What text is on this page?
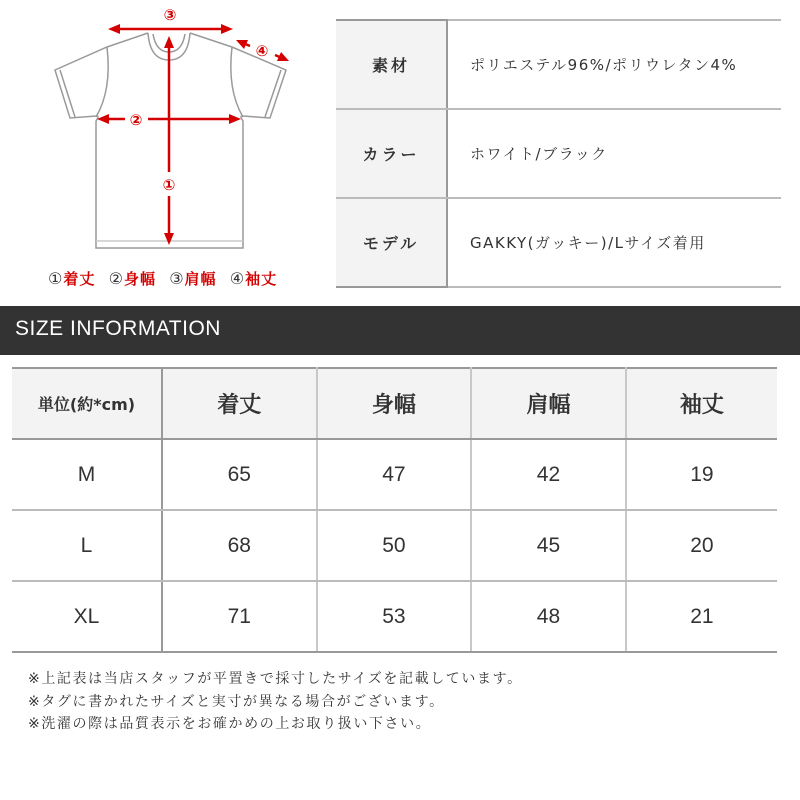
③
④
②
①
①着丈 ②身幅 ③肩幅 ④袖丈
素材	ポリエステル96%/ポリウレタン4%
カラー	ホワイト/ブラック
モデル	GAKKY(ガッキー)/Lサイズ着用
SIZE INFORMATION
単位(約*cm)	着丈	身幅	肩幅	袖丈
M	65	47	42	19
L	68	50	45	20
XL	71	53	48	21
※上記表は当店スタッフが平置きで採寸したサイズを記載しています。
※タグに書かれたサイズと実寸が異なる場合がございます。
※洗濯の際は品質表示をお確かめの上お取り扱い下さい。
